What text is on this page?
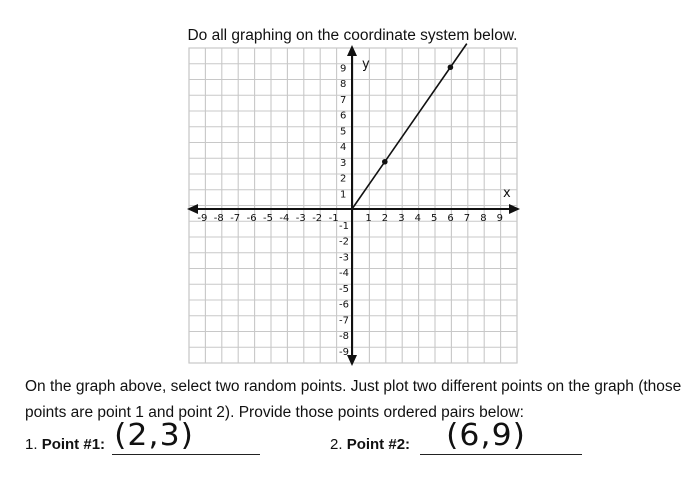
Do all graphing on the coordinate system below.
x
y
-9 -8 -7 -6 -5 -4 -3 -2 -1	1 2 3 4 5 6 7 8 9
9
8
7
6
5
4
3
2
1
-1
-2
-3
-4
-5
-6
-7
-8
-9
On the graph above, select two random points. Just plot two different points on the graph (those
points are point 1 and point 2). Provide those points ordered pairs below:
1. Point #1: (2,3)	2. Point #2: (6,9)
